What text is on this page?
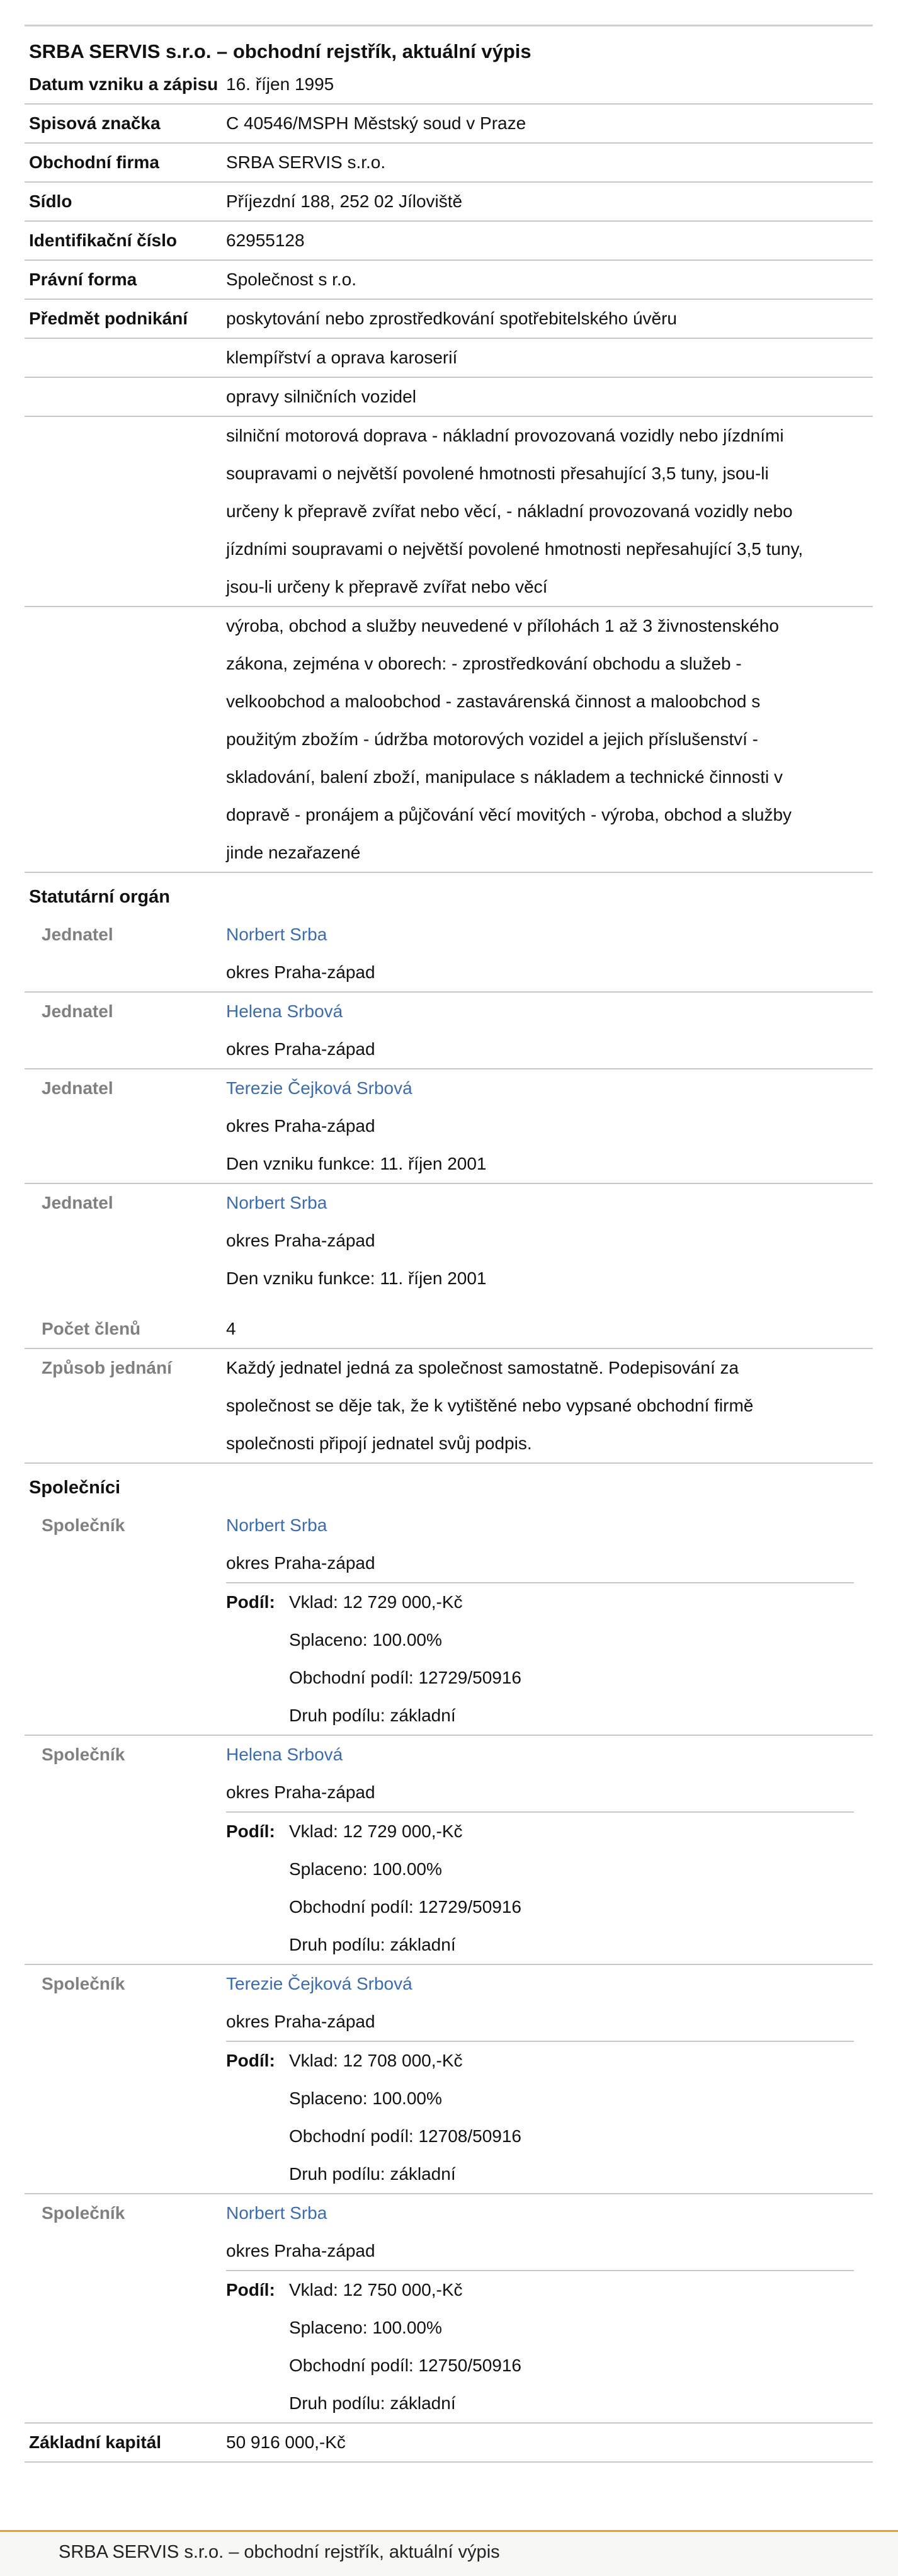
SRBA SERVIS s.r.o. – obchodní rejstřík, aktuální výpis
Datum vzniku a zápisu 16. říjen 1995
Spisová značka	C 40546/MSPH Městský soud v Praze
Obchodní firma	SRBA SERVIS s.r.o.
Sídlo	Příjezdní 188, 252 02 Jíloviště
Identifikační číslo	62955128
Právní forma	Společnost s r.o.
Předmět podnikání	poskytování nebo zprostředkování spotřebitelského úvěru
klempířství a oprava karoserií
opravy silničních vozidel
silniční motorová doprava - nákladní provozovaná vozidly nebo jízdními
soupravami o největší povolené hmotnosti přesahující 3,5 tuny, jsou-li
určeny k přepravě zvířat nebo věcí, - nákladní provozovaná vozidly nebo
jízdními soupravami o největší povolené hmotnosti nepřesahující 3,5 tuny,
jsou-li určeny k přepravě zvířat nebo věcí
výroba, obchod a služby neuvedené v přílohách 1 až 3 živnostenského
zákona, zejména v oborech: - zprostředkování obchodu a služeb -
velkoobchod a maloobchod - zastavárenská činnost a maloobchod s
použitým zbožím - údržba motorových vozidel a jejich příslušenství -
skladování, balení zboží, manipulace s nákladem a technické činnosti v
dopravě - pronájem a půjčování věcí movitých - výroba, obchod a služby
jinde nezařazené
Statutární orgán
Jednatel	Norbert Srba
okres Praha-západ
Jednatel	Helena Srbová
okres Praha-západ
Jednatel	Terezie Čejková Srbová
okres Praha-západ
Den vzniku funkce: 11. říjen 2001
Jednatel	Norbert Srba
okres Praha-západ
Den vzniku funkce: 11. říjen 2001
Počet členů	4
Způsob jednání	Každý jednatel jedná za společnost samostatně. Podepisování za
společnost se děje tak, že k vytištěné nebo vypsané obchodní firmě
společnosti připojí jednatel svůj podpis.
Společníci
Společník	Norbert Srba
okres Praha-západ
Podíl: Vklad: 12 729 000,-Kč
Splaceno: 100.00%
Obchodní podíl: 12729/50916
Druh podílu: základní
Společník	Helena Srbová
okres Praha-západ
Podíl: Vklad: 12 729 000,-Kč
Splaceno: 100.00%
Obchodní podíl: 12729/50916
Druh podílu: základní
Společník	Terezie Čejková Srbová
okres Praha-západ
Podíl: Vklad: 12 708 000,-Kč
Splaceno: 100.00%
Obchodní podíl: 12708/50916
Druh podílu: základní
Společník	Norbert Srba
okres Praha-západ
Podíl: Vklad: 12 750 000,-Kč
Splaceno: 100.00%
Obchodní podíl: 12750/50916
Druh podílu: základní
Základní kapitál	50 916 000,-Kč
SRBA SERVIS s.r.o. – obchodní rejstřík, aktuální výpis
